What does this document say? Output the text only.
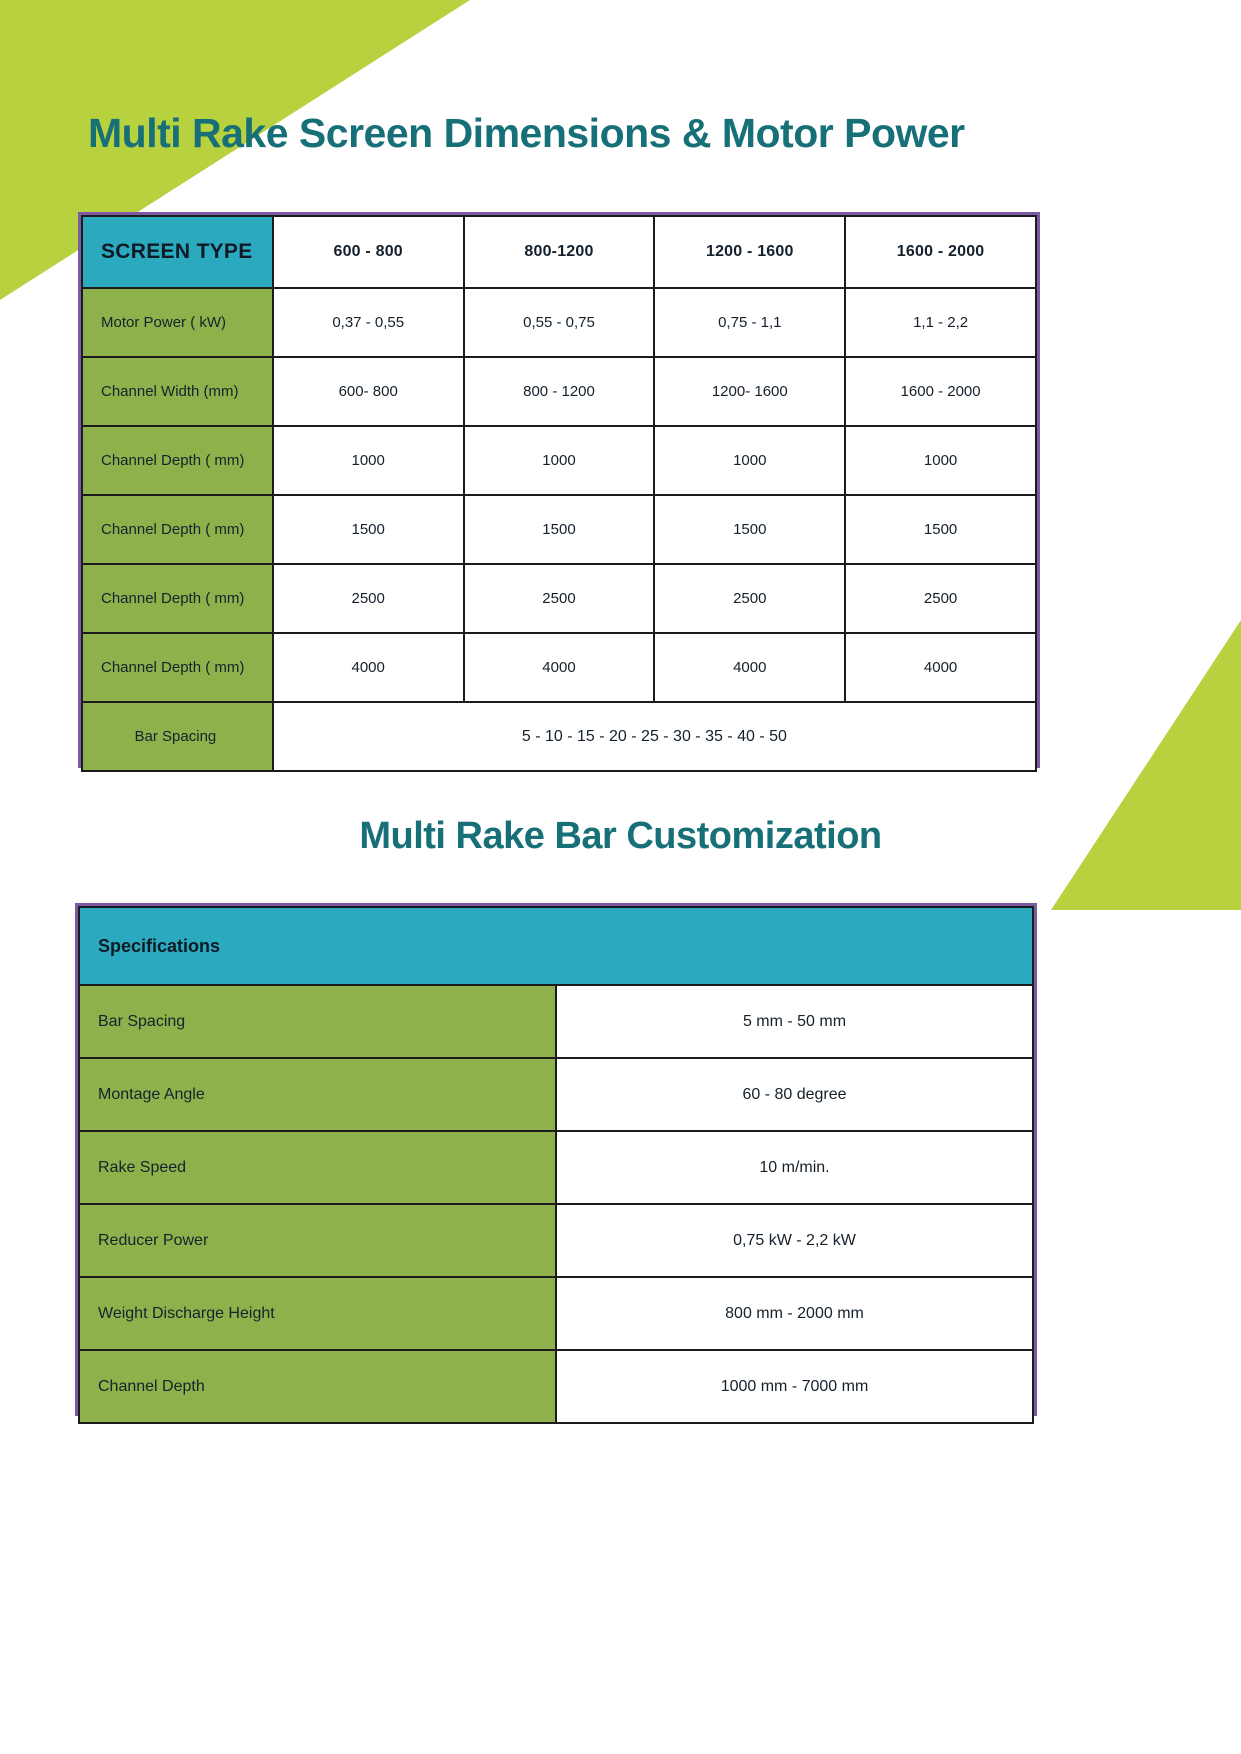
Multi Rake Screen Dimensions & Motor Power
SCREEN TYPE	600 - 800	800-1200	1200 - 1600	1600 - 2000
Motor Power ( kW)	0,37 - 0,55	0,55 - 0,75	0,75 - 1,1	1,1 - 2,2
Channel Width (mm)	600- 800	800 - 1200	1200- 1600	1600 - 2000
Channel Depth ( mm)	1000	1000	1000	1000
Channel Depth ( mm)	1500	1500	1500	1500
Channel Depth ( mm)	2500	2500	2500	2500
Channel Depth ( mm)	4000	4000	4000	4000
Bar Spacing	5 - 10 - 15 - 20 - 25 - 30 - 35 - 40 - 50			
Multi Rake Bar Customization
Specifications	
Bar Spacing	5 mm - 50 mm
Montage Angle	60 - 80 degree
Rake Speed	10 m/min.
Reducer Power	0,75 kW - 2,2 kW
Weight Discharge Height	800 mm - 2000 mm
Channel Depth	1000 mm - 7000 mm
